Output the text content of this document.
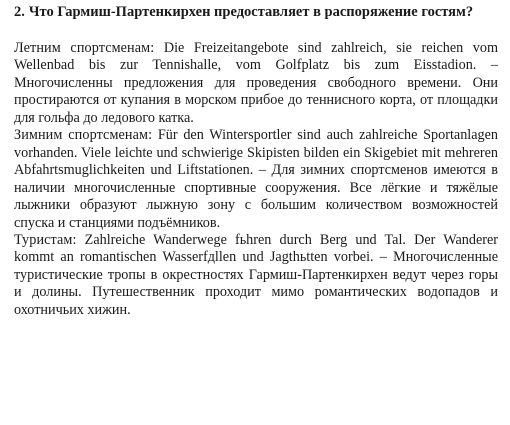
2. Что Гармиш-Партенкирхен предоставляет в распоряжение гостям?

Летним спортсменам: Die Freizeitangebote sind zahlreich, sie reichen vom Wellenbad bis zur Tennishalle, vom Golfplatz bis zum Eisstadion. – Многочисленны предложения для проведения свободного времени. Они простираются от купания в морском прибое до теннисного корта, от площадки для гольфа до ледового катка.

Зимним спортсменам: Für den Wintersportler sind auch zahlreiche Sportanlagen vorhanden. Viele leichte und schwierige Skipisten bilden ein Skigebiet mit mehreren Abfahrtsmuglichkeiten und Liftstationen. – Для зимних спортсменов имеются в наличии многочисленные спортивные сооружения. Все лёгкие и тяжёлые лыжники образуют лыжную зону с большим количеством возможностей спуска и станциями подъёмников.

Туристам: Zahlreiche Wanderwege fьhren durch Berg und Tal. Der Wanderer kommt an romantischen Wasserfдllen und Jagthьtten vorbei. – Многочисленные туристические тропы в окрестностях Гармиш-Партенкирхен ведут через горы и долины. Путешественник проходит мимо романтических водопадов и охотничьих хижин.
